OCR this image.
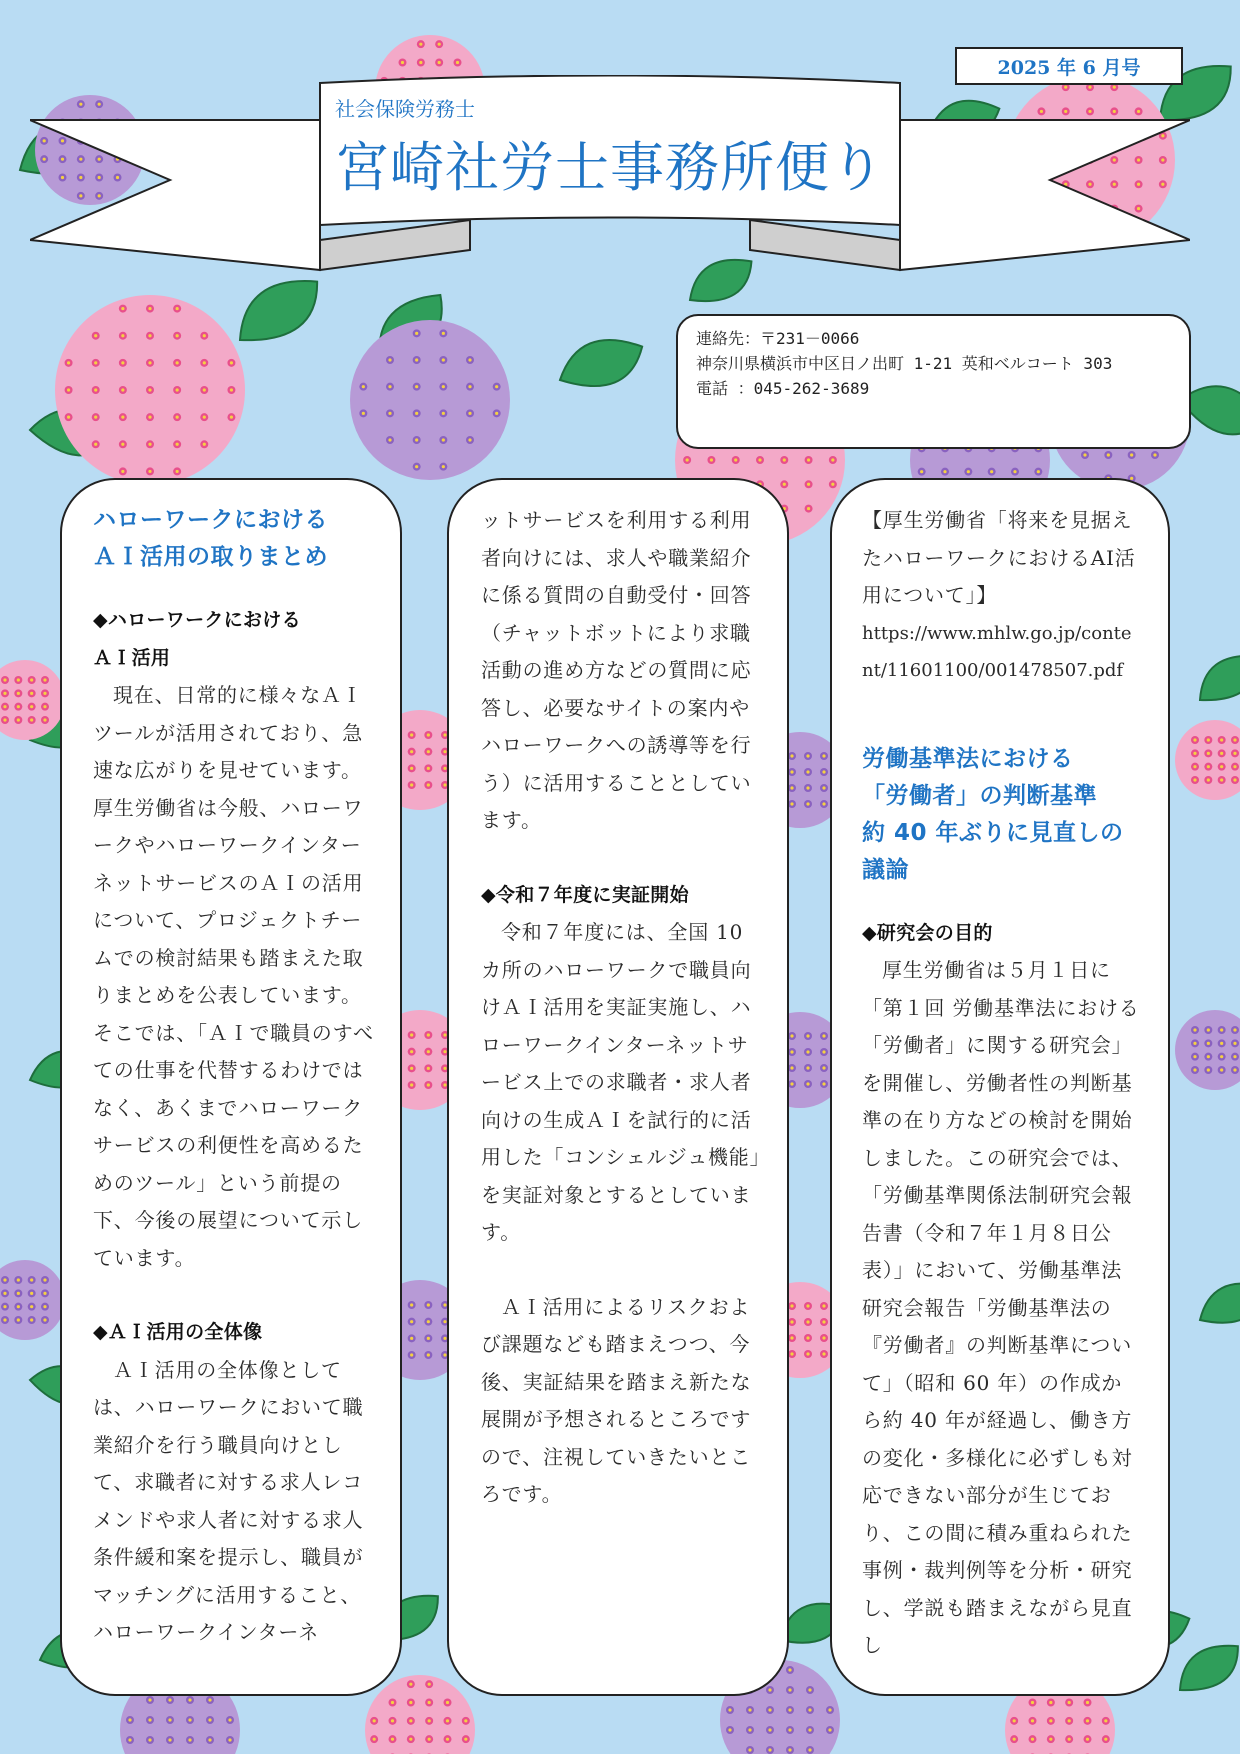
2025 年 6 月号
社会保険労務士
宮崎社労士事務所便り
連絡先：〒231－0066
神奈川県横浜市中区日ノ出町 1-21 英和ベルコート 303
電話 ：045-262-3689
ハローワークにおける
ＡＩ活用の取りまとめ
◆ハローワークにおける
ＡＩ活用
現在、日常的に様々なＡＩツールが活用されており、急速な広がりを見せています。厚生労働省は今般、ハローワークやハローワークインターネットサービスのＡＩの活用について、プロジェクトチームでの検討結果も踏まえた取りまとめを公表しています。そこでは、「ＡＩで職員のすべての仕事を代替するわけではなく、あくまでハローワークサービスの利便性を高めるためのツール」という前提の下、今後の展望について示しています。
◆ＡＩ活用の全体像
ＡＩ活用の全体像としては、ハローワークにおいて職業紹介を行う職員向けとして、求職者に対する求人レコメンドや求人者に対する求人条件緩和案を提示し、職員がマッチングに活用すること、ハローワークインターネ
ットサービスを利用する利用者向けには、求人や職業紹介に係る質問の自動受付・回答（チャットボットにより求職活動の進め方などの質問に応答し、必要なサイトの案内やハローワークへの誘導等を行う）に活用することとしています。
◆令和７年度に実証開始
令和７年度には、全国 10カ所のハローワークで職員向けＡＩ活用を実証実施し、ハローワークインターネットサービス上での求職者・求人者向けの生成ＡＩを試行的に活用した「コンシェルジュ機能」を実証対象とするとしています。
ＡＩ活用によるリスクおよび課題なども踏まえつつ、今後、実証結果を踏まえ新たな展開が予想されるところですので、注視していきたいところです。
【厚生労働省「将来を見据えたハローワークにおけるAI活用について」】
https://www.mhlw.go.jp/content/11601100/001478507.pdf
労働基準法における
「労働者」の判断基準
約 40 年ぶりに見直しの
議論
◆研究会の目的
厚生労働省は５月１日に「第１回 労働基準法における「労働者」に関する研究会」を開催し、労働者性の判断基準の在り方などの検討を開始しました。この研究会では、「労働基準関係法制研究会報告書（令和７年１月８日公表）」において、労働基準法研究会報告「労働基準法の『労働者』の判断基準について」（昭和 60 年）の作成から約 40 年が経過し、働き方の変化・多様化に必ずしも対応できない部分が生じており、この間に積み重ねられた事例・裁判例等を分析・研究し、学説も踏まえながら見直し
